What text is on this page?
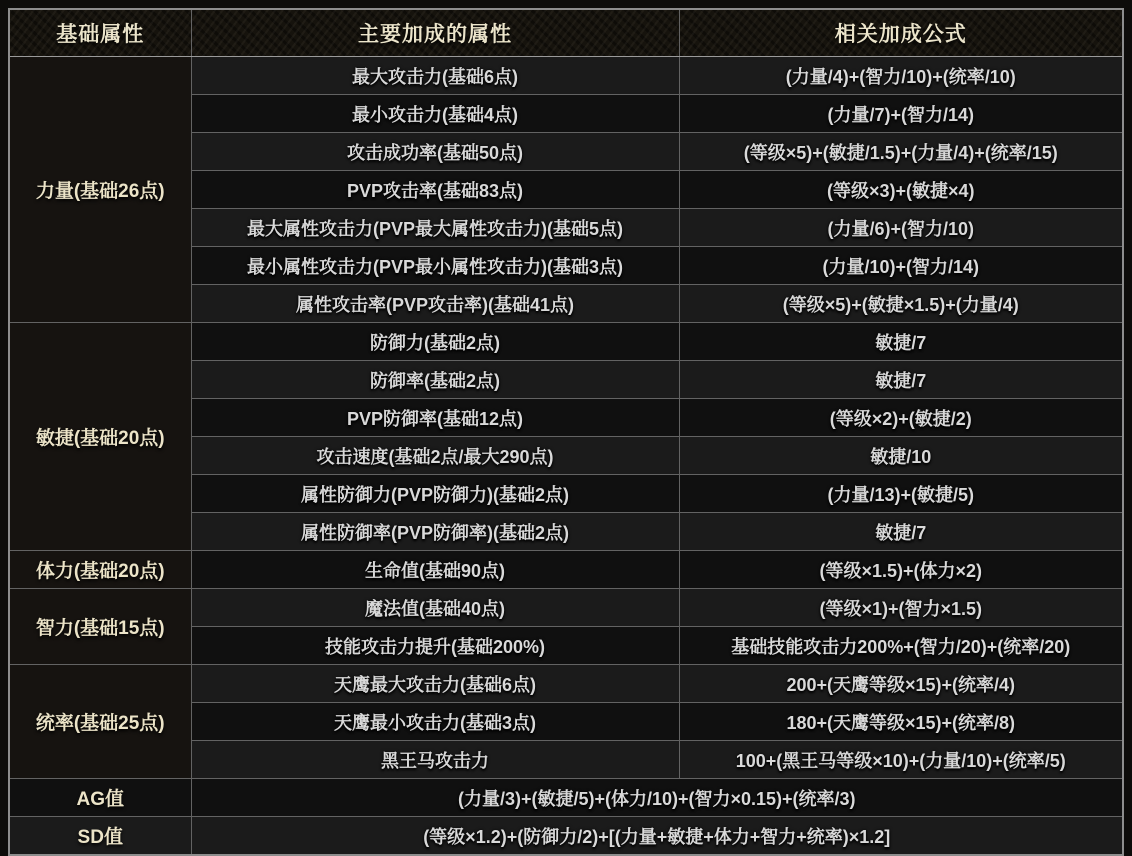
基础属性	主要加成的属性	相关加成公式
力量(基础26点)	最大攻击力(基础6点)	(力量/4)+(智力/10)+(统率/10)
	最小攻击力(基础4点)	(力量/7)+(智力/14)
	攻击成功率(基础50点)	(等级×5)+(敏捷/1.5)+(力量/4)+(统率/15)
	PVP攻击率(基础83点)	(等级×3)+(敏捷×4)
	最大属性攻击力(PVP最大属性攻击力)(基础5点)	(力量/6)+(智力/10)
	最小属性攻击力(PVP最小属性攻击力)(基础3点)	(力量/10)+(智力/14)
	属性攻击率(PVP攻击率)(基础41点)	(等级×5)+(敏捷×1.5)+(力量/4)
敏捷(基础20点)	防御力(基础2点)	敏捷/7
	防御率(基础2点)	敏捷/7
	PVP防御率(基础12点)	(等级×2)+(敏捷/2)
	攻击速度(基础2点/最大290点)	敏捷/10
	属性防御力(PVP防御力)(基础2点)	(力量/13)+(敏捷/5)
	属性防御率(PVP防御率)(基础2点)	敏捷/7
体力(基础20点)	生命值(基础90点)	(等级×1.5)+(体力×2)
智力(基础15点)	魔法值(基础40点)	(等级×1)+(智力×1.5)
	技能攻击力提升(基础200%)	基础技能攻击力200%+(智力/20)+(统率/20)
统率(基础25点)	天鹰最大攻击力(基础6点)	200+(天鹰等级×15)+(统率/4)
	天鹰最小攻击力(基础3点)	180+(天鹰等级×15)+(统率/8)
	黑王马攻击力	100+(黑王马等级×10)+(力量/10)+(统率/5)
AG值	(力量/3)+(敏捷/5)+(体力/10)+(智力×0.15)+(统率/3)	
SD值	(等级×1.2)+(防御力/2)+[(力量+敏捷+体力+智力+统率)×1.2]	
